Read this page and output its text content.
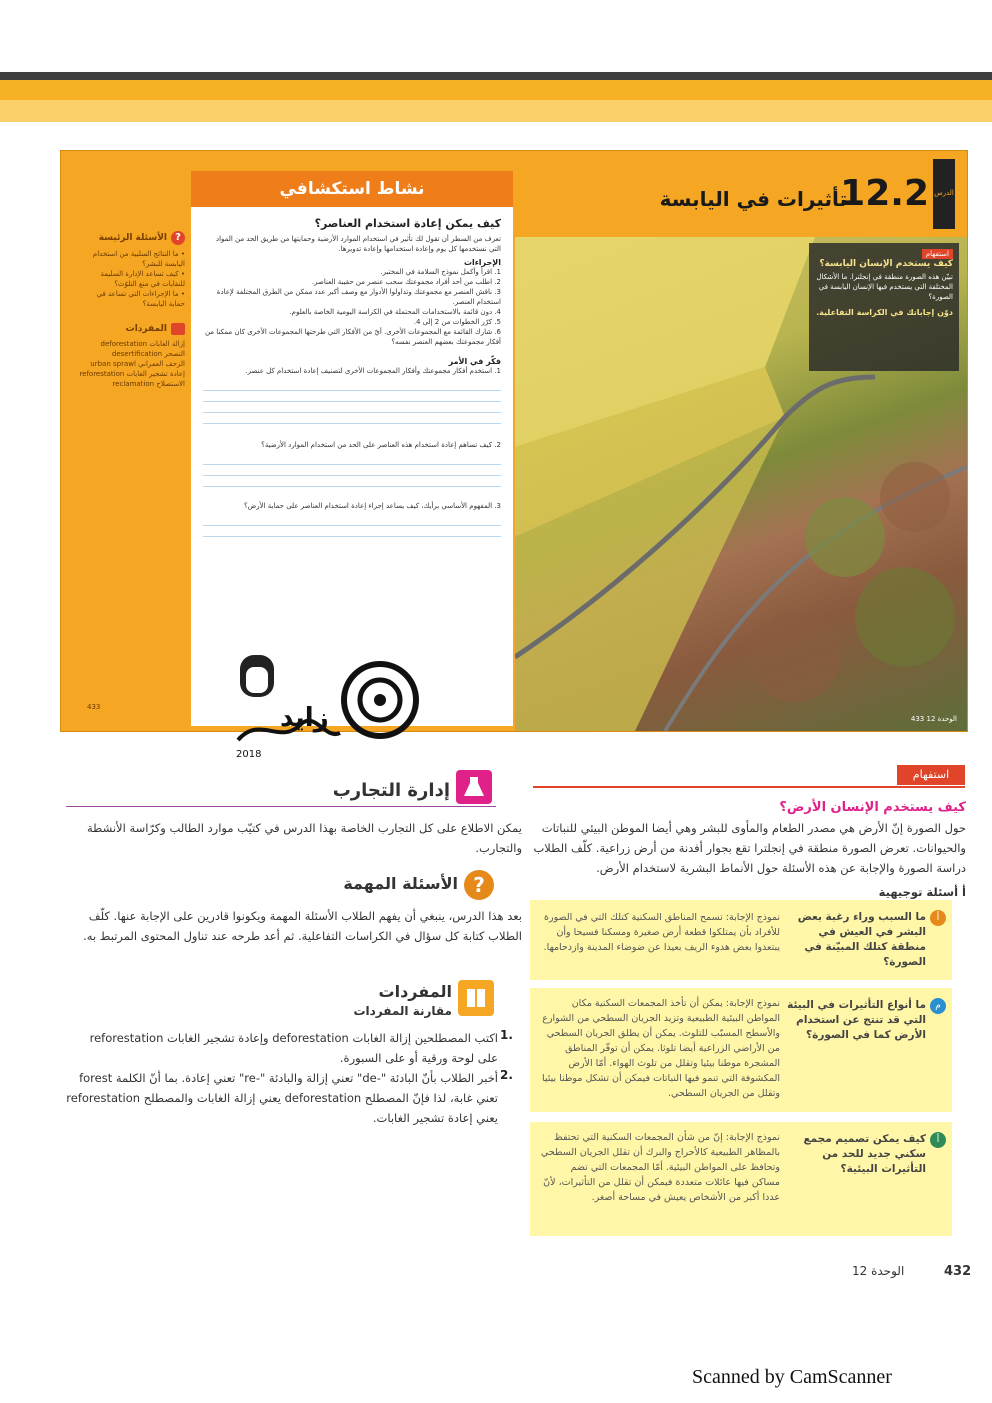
الأسئلة الرئيسة ?
• ما النتائج السلبية من استخدام اليابسة للبشر؟
• كيف تساعد الإدارة السليمة للنفايات في منع التلوّث؟
• ما الإجراءات التي تساعد في حماية اليابسة؟
المفردات
إزالة الغابات deforestation
التصحر desertification
الزحف العمراني urban sprawl
إعادة تشجير الغابات reforestation
الاستصلاح reclamation
433
نشاط استكشافي
كيف يمكن إعادة استخدام العناصر؟
تعرف من السطر أن تقول لك تأثير في استخدام الموارد الأرضية وحمايتها من طريق الحد من المواد التي نستخدمها كل يوم وإعادة استخدامها وإعادة تدويرها.
الإجراءات
1. اقرأ وأكمل نموذج السلامة في المختبر.
2. اطلب من أحد أفراد مجموعتك سحب عنصر من حقيبة العناصر.
3. ناقش العنصر مع مجموعتك وتداولوا الأدوار مع وصف أكبر عدد ممكن من الطرق المختلفة لإعادة استخدام العنصر.
4. دون قائمة بالاستخدامات المحتملة في الكراسة اليومية الخاصة بالعلوم.
5. كرّر الخطوات من 2 إلى 4.
6. شارك القائمة مع المجموعات الأخرى. أيّ من الأفكار التي طرحتها المجموعات الأخرى كان ممكنا من أفكار مجموعتك بعضهم العنصر نفسه؟
فكّر في الأمر
1. استخدم أفكار مجموعتك وأفكار المجموعات الأخرى لتصنيف إعادة استخدام كل عنصر.
2. كيف تساهم إعادة استخدام هذه العناصر على الحد من استخدام الموارد الأرضية؟
3. المفهوم الأساسي برأيك، كيف يساعد إجراء إعادة استخدام العناصر على حماية الأرض؟
الدرس
12.2
تأثيرات في اليابسة
استفهام
كيف يستخدم الإنسان اليابسة؟
تبيّن هذه الصورة منطقة في إنجلترا. ما الأشكال المختلفة التي يستخدم فيها الإنسان اليابسة في الصورة؟
دوّن إجاباتك في الكراسة التفاعلية.
الوحدة 12 433
2018
زايد
استفهام
كيف يستخدم الإنسان الأرض؟
حول الصورة إنّ الأرض هي مصدر الطعام والمأوى للبشر وهي أيضا الموطن البيئي للنباتات والحيوانات. تعرض الصورة منطقة في إنجلترا تقع بجوار أفدنة من أرض زراعية. كلّف الطلاب دراسة الصورة والإجابة عن هذه الأسئلة حول الأنماط البشرية لاستخدام الأرض.
أ أسئلة توجيهية
ما السبب وراء رغبة بعض البشر في العيش في منطقة كتلك المبيّنة في الصورة؟
أ
نموذج الإجابة: تسمح المناطق السكنية كتلك التي في الصورة للأفراد بأن يمتلكوا قطعة أرض صغيرة ومسكنا فسيحا وأن يبتعدوا بعض هدوء الريف بعيدا عن ضوضاء المدينة وازدحامها.
ما أنواع التأثيرات في البيئة التي قد تنتج عن استخدام الأرض كما في الصورة؟
م
نموذج الإجابة: يمكن أن تأخذ المجمعات السكنية مكان المواطن البيئية الطبيعية وتزيد الجريان السطحي من الشوارع والأسطح المسبّب للتلوث. يمكن أن يطلق الجريان السطحي من الأراضي الزراعية أيضا تلوثا. يمكن أن توفّر المناطق المشجرة موطنا بيئيا وتقلل من تلوث الهواء. أمّا الأرض المكشوفة التي تنمو فيها النباتات فيمكن أن تشكل موطنا بيئيا وتقلل من الجريان السطحي.
كيف يمكن تصميم مجمع سكني جديد للحد من التأثيرات البيئية؟
أ
نموذج الإجابة: إنّ من شأن المجمعات السكنية التي تحتفظ بالمظاهر الطبيعية كالأحراج والبرك أن تقلل الجريان السطحي وتحافظ على المواطن البيئية. أمّا المجمعات التي تضم مساكن فيها عائلات متعددة فيمكن أن تقلل من التأثيرات، لأنّ عددا أكبر من الأشخاص يعيش في مساحة أصغر.
إدارة التجارب
يمكن الاطلاع على كل التجارب الخاصة بهذا الدرس في كتيّب موارد الطالب وكرّاسة الأنشطة والتجارب.
?
الأسئلة المهمة
بعد هذا الدرس، ينبغي أن يفهم الطلاب الأسئلة المهمة ويكونوا قادرين على الإجابة عنها. كلّف الطلاب كتابة كل سؤال في الكراسات التفاعلية. ثم أعد طرحه عند تناول المحتوى المرتبط به.
المفردات
مقارنة المفردات
اكتب المصطلحين إزالة الغابات deforestation وإعادة تشجير الغابات reforestation على لوحة ورقية أو على السبورة.
1.
أخبر الطلاب بأنّ البادئة "-de" تعني إزالة والبادئة "-re" تعني إعادة. بما أنّ الكلمة forest تعني غابة، لذا فإنّ المصطلح deforestation يعني إزالة الغابات والمصطلح reforestation يعني إعادة تشجير الغابات.
2.
الوحدة 12	432
Scanned by CamScanner
